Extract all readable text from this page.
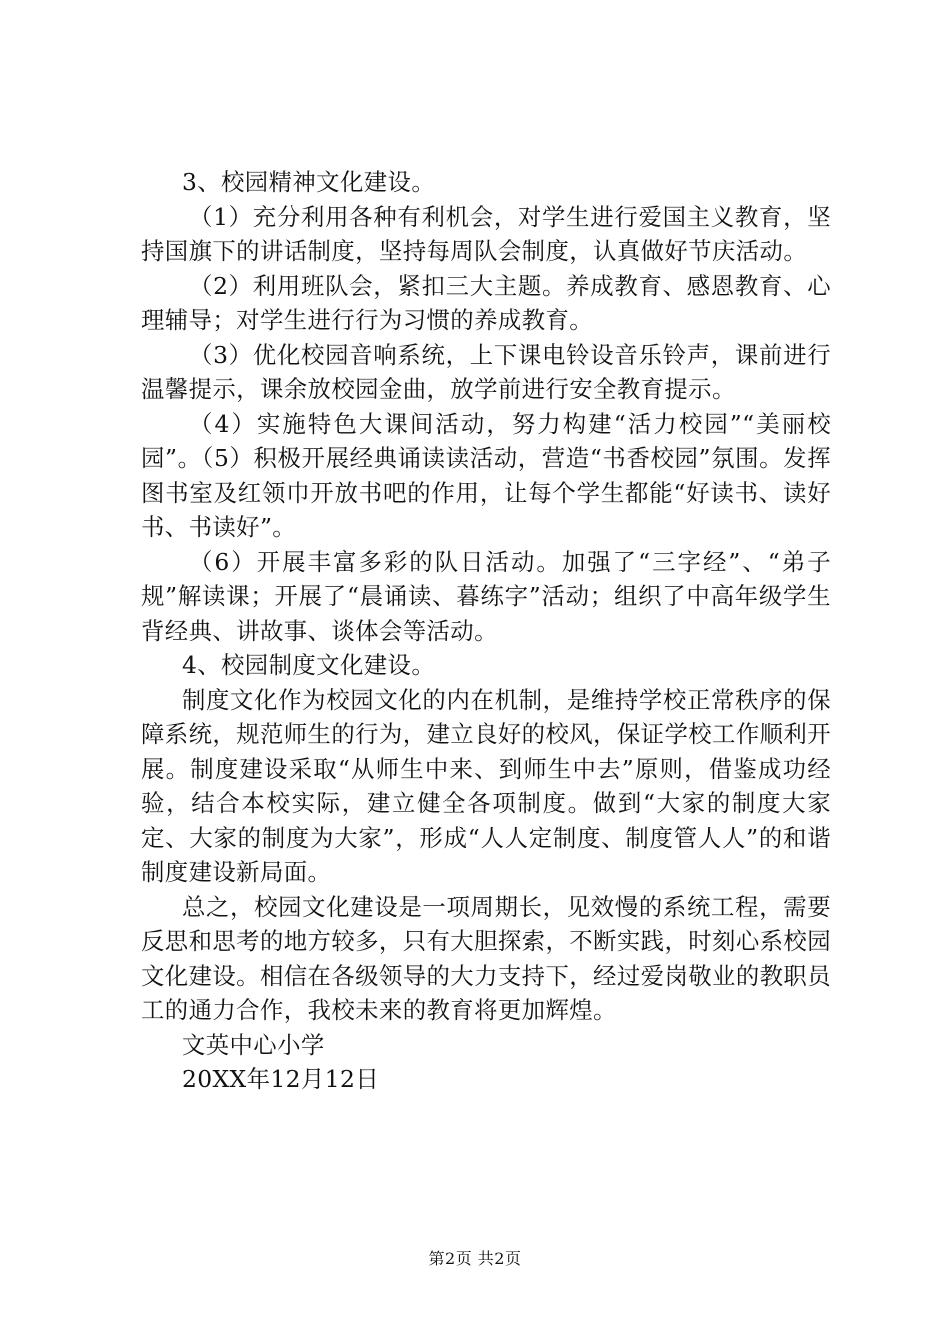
3、校园精神文化建设。

（1）充分利用各种有利机会，对学生进行爱国主义教育，坚持国旗下的讲话制度，坚持每周队会制度，认真做好节庆活动。

（2）利用班队会，紧扣三大主题。养成教育、感恩教育、心理辅导；对学生进行行为习惯的养成教育。

（3）优化校园音响系统，上下课电铃设音乐铃声，课前进行温馨提示，课余放校园金曲，放学前进行安全教育提示。

（4）实施特色大课间活动，努力构建“活力校园”“美丽校园”。（5）积极开展经典诵读读活动，营造“书香校园”氛围。发挥图书室及红领巾开放书吧的作用，让每个学生都能“好读书、读好书、书读好”。

（6）开展丰富多彩的队日活动。加强了“三字经”、“弟子规”解读课；开展了“晨诵读、暮练字”活动；组织了中高年级学生背经典、讲故事、谈体会等活动。

4、校园制度文化建设。

制度文化作为校园文化的内在机制，是维持学校正常秩序的保障系统，规范师生的行为，建立良好的校风，保证学校工作顺利开展。制度建设采取“从师生中来、到师生中去”原则，借鉴成功经验，结合本校实际，建立健全各项制度。做到“大家的制度大家定、大家的制度为大家”，形成“人人定制度、制度管人人”的和谐制度建设新局面。

总之，校园文化建设是一项周期长，见效慢的系统工程，需要反思和思考的地方较多，只有大胆探索，不断实践，时刻心系校园文化建设。相信在各级领导的大力支持下，经过爱岗敬业的教职员工的通力合作，我校未来的教育将更加辉煌。

文英中心小学

20XX年12月12日

第2页 共2页
